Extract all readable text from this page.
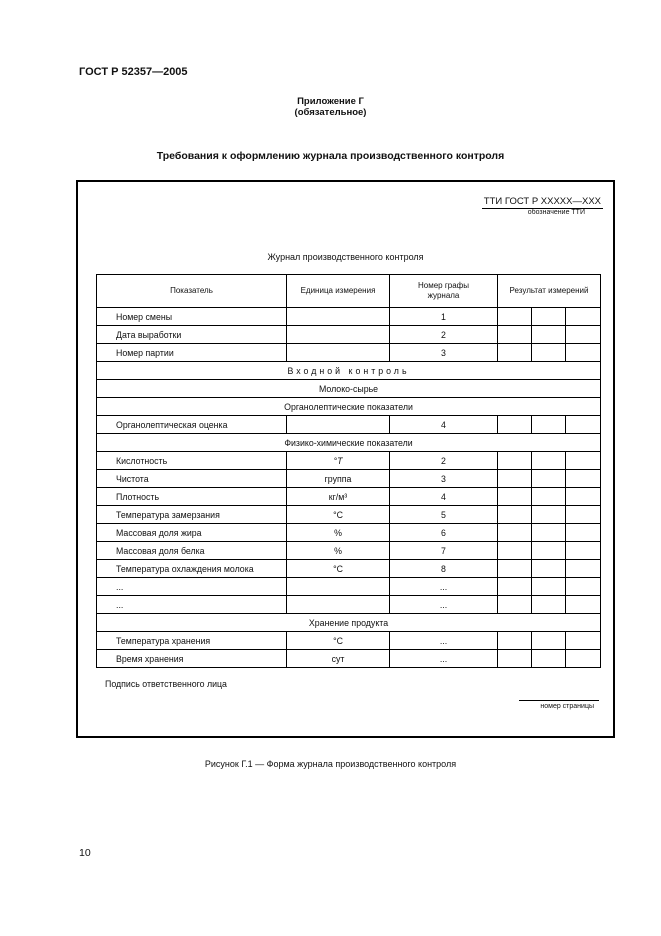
ГОСТ Р 52357—2005
Приложение Г
(обязательное)
Требования к оформлению журнала производственного контроля
ТТИ ГОСТ Р XXXXX—XXX
обозначение ТТИ
Журнал производственного контроля
Показатель	Единица измерения	Номер графы журнала	Результат измерений		
Номер смены		1			
Дата выработки		2			
Номер партии		3			
Входной контроль					
Молоко-сырье					
Органолептические показатели					
Органолептическая оценка		4			
Физико-химические показатели					
Кислотность	°Т	2			
Чистота	группа	3			
Плотность	кг/м³	4			
Температура замерзания	°С	5			
Массовая доля жира	%	6			
Массовая доля белка	%	7			
Температура охлаждения молока	°С	8			
...		...			
...		...			
Хранение продукта					
Температура хранения	°С	...			
Время хранения	сут	...			
Подпись ответственного лица
номер страницы
Рисунок Г.1 — Форма журнала производственного контроля
10
